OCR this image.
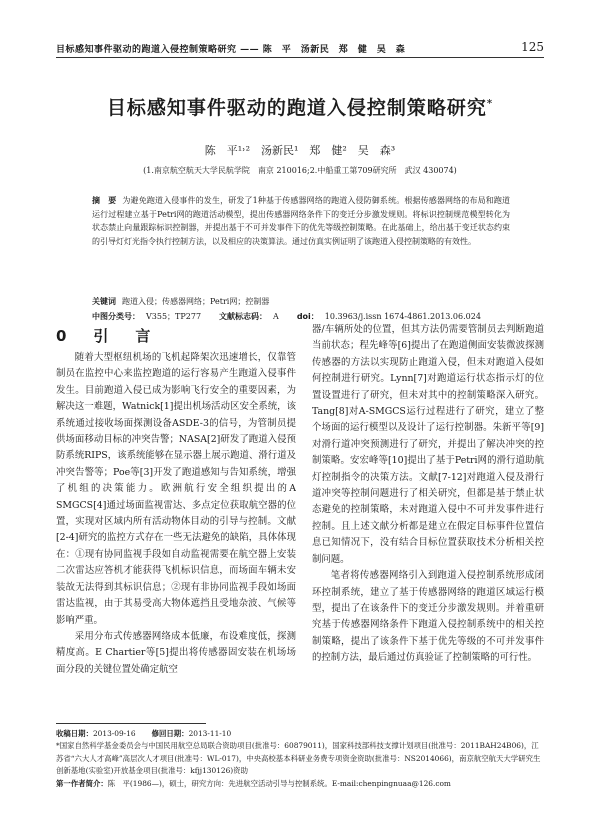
目标感知事件驱动的跑道入侵控制策略研究 —— 陈　平　汤新民　郑　健　吴　森	125
目标感知事件驱动的跑道入侵控制策略研究*
陈　平¹˒²　汤新民¹　郑　健²　吴　森³
(1.南京航空航天大学民航学院　南京 210016;2.中船重工第709研究所　武汉 430074)
摘　要 为避免跑道入侵事件的发生，研发了1种基于传感器网络的跑道入侵防御系统。根据传感器网络的布局和跑道运行过程建立基于Petri网的跑道活动模型，提出传感器网络条件下的变迁分步激发规则。将标识控制规范模型转化为状态禁止向量跟踪标识控制器，并提出基于不可并发事件下的优先等级控制策略。在此基础上，给出基于变迁状态约束的引导灯灯光指令执行控制方法，以及相应的决策算法。通过仿真实例证明了该跑道入侵控制策略的有效性。
关键词 跑道入侵；传感器网络；Petri网；控制器
中图分类号： V355；TP277 文献标志码： A doi： 10.3963/j.issn 1674-4861.2013.06.024
0　引　言

随着大型枢纽机场的飞机起降架次迅速增长，仅靠管制员在监控中心来监控跑道的运行容易产生跑道入侵事件发生。目前跑道入侵已成为影响飞行安全的重要因素，为解决这一难题，Watnick[1]提出机场活动区安全系统，该系统通过接收场面探测设备ASDE-3的信号，为管制员提供场面移动目标的冲突告警；NASA[2]研发了跑道入侵预防系统RIPS，该系统能够在显示器上展示跑道、滑行道及冲突告警等；Poe等[3]开发了跑道感知与告知系统，增强了机组的决策能力。欧洲航行安全组织提出的A SMGCS[4]通过场面监视雷达、多点定位获取航空器的位置，实现对区域内所有活动物体目动的引导与控制。文献[2-4]研究的监控方式存在一些无法避免的缺陷，具体体现在：①现有协同监视手段如自动监视需要在航空器上安装二次雷达应答机才能获得飞机标识信息，而场面车辆未安装故无法得到其标识信息；②现有非协同监视手段如场面雷达监视，由于其易受高大物体遮挡且受地杂波、气候等影响严重。

采用分布式传感器网络成本低廉，布设难度低，探测精度高。E Chartier等[5]提出将传感器固安装在机场场面分段的关键位置处确定航空

器/车辆所处的位置，但其方法仍需要管制员去判断跑道当前状态；程先峰等[6]提出了在跑道侧面安装微波探测传感器的方法以实现防止跑道入侵，但未对跑道入侵如何控制进行研究。Lynn[7]对跑道运行状态指示灯的位置设置进行了研究，但未对其中的控制策略深入研究。Tang[8]对A-SMGCS运行过程进行了研究，建立了整个场面的运行模型以及设计了运行控制器。朱新平等[9]对滑行道冲突预测进行了研究，并提出了解决冲突的控制策略。安宏峰等[10]提出了基于Petri网的滑行道助航灯控制指令的决策方法。文献[7-12]对跑道入侵及滑行道冲突等控制问题进行了相关研究，但都是基于禁止状态避免的控制策略，未对跑道入侵中不可并发事件进行控制。且上述文献分析都是建立在假定目标事件位置信息已知情况下，没有结合目标位置获取技术分析相关控制问题。

笔者将传感器网络引入到跑道入侵控制系统形成闭环控制系统，建立了基于传感器网络的跑道区域运行模型，提出了在该条件下的变迁分步激发规则。并着重研究基于传感器网络条件下跑道入侵控制系统中的相关控制策略，提出了该条件下基于优先等级的不可并发事件的控制方法，最后通过仿真验证了控制策略的可行性。

收稿日期：2013-09-16 修回日期：2013-11-10
*国家自然科学基金委员会与中国民用航空总局联合资助项目(批准号：60879011)，国家科技部科技支撑计划项目(批准号：2011BAH24B06)，江苏省“六大人才高峰”高层次人才项目(批准号：WL-017)，中央高校基本科研业务费专项资金资助(批准号：NS2014066)，南京航空航天大学研究生创新基地(实验室)开放基金项目(批准号：kfjj130126)资助
第一作者简介：陈　平(1986—)，硕士，研究方向：先进航空活动引导与控制系统。E-mail:chenpingnuaa@126.com
